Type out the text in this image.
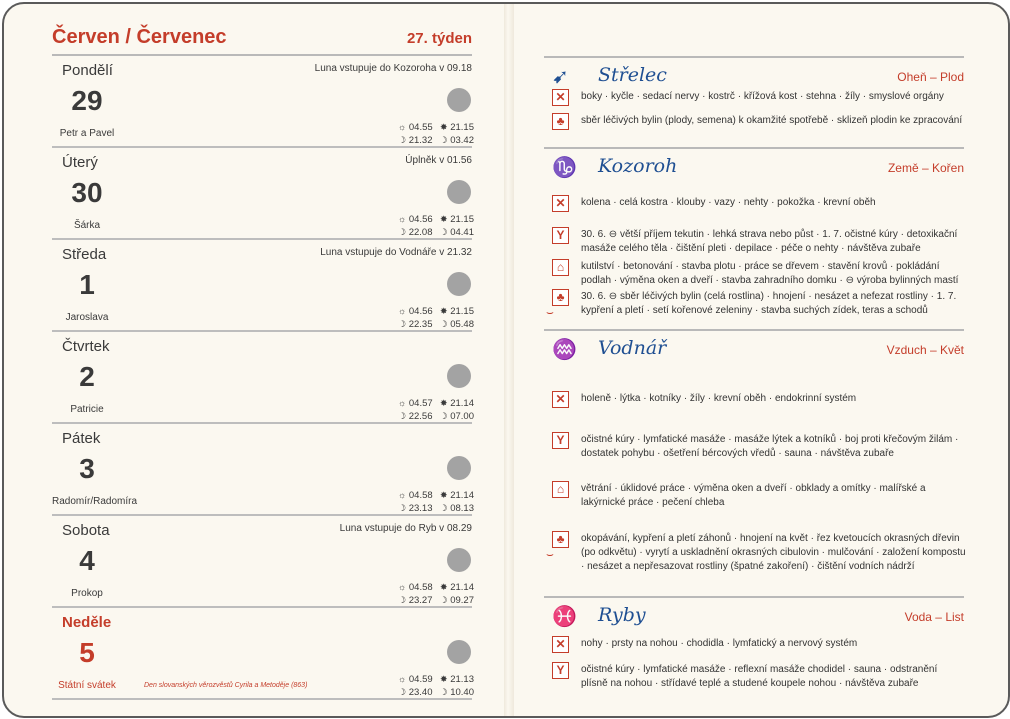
Červen / Červenec	27. týden
Pondělí	Luna vstupuje do Kozoroha v 09.18
29
Petr a Pavel
☼ 04.55 ✸ 21.15
☽ 21.32 ☽ 03.42
Úterý	Úplněk v 01.56
30
Šárka
☼ 04.56 ✸ 21.15
☽ 22.08 ☽ 04.41
Středa	Luna vstupuje do Vodnáře v 21.32
1
Jaroslava
☼ 04.56 ✸ 21.15
☽ 22.35 ☽ 05.48
Čtvrtek
2
Patricie
☼ 04.57 ✸ 21.14
☽ 22.56 ☽ 07.00
Pátek
3
Radomír/Radomíra
☼ 04.58 ✸ 21.14
☽ 23.13 ☽ 08.13
Sobota	Luna vstupuje do Ryb v 08.29
4
Prokop
☼ 04.58 ✸ 21.14
☽ 23.27 ☽ 09.27
Neděle
5
Státní svátek	Den slovanských věrozvěstů Cyrila a Metoděje (863)
☼ 04.59 ✸ 21.13
☽ 23.40 ☽ 10.40
➹	Střelec	Oheň – Plod
✕	boky · kyčle · sedací nervy · kostrč · křížová kost · stehna · žíly · smyslové orgány
♣	sběr léčivých bylin (plody, semena) k okamžité spotřebě · sklizeň plodin ke zpracování
♑	Kozoroh	Země – Kořen
✕	kolena · celá kostra · klouby · vazy · nehty · pokožka · krevní oběh
Y	30. 6. ⊖ větší příjem tekutin · lehká strava nebo půst · 1. 7. očistné kúry · detoxikační masáže celého těla · čištění pleti · depilace · péče o nehty · návštěva zubaře
⌂	kutilství · betonování · stavba plotu · práce se dřevem · stavění krovů · pokládání podlah · výměna oken a dveří · stavba zahradního domku · ⊖ výroba bylinných mastí
♣	30. 6. ⊖ sběr léčivých bylin (celá rostlina) · hnojení · nesázet a nefezat rostliny · 1. 7. kypření a pletí · setí kořenové zeleniny · stavba suchých zídek, teras a schodů
⌣
♒	Vodnář	Vzduch – Květ
✕	holeně · lýtka · kotníky · žíly · krevní oběh · endokrinní systém
Y	očistné kúry · lymfatické masáže · masáže lýtek a kotníků · boj proti křečovým žilám · dostatek pohybu · ošetření bércových vředů · sauna · návštěva zubaře
⌂	větrání · úklidové práce · výměna oken a dveří · obklady a omítky · malířské a lakýrnické práce · pečení chleba
♣	okopávání, kypření a pletí záhonů · hnojení na květ · řez kvetoucích okrasných dřevin (po odkvětu) · vyrytí a uskladnění okrasných cibulovin · mulčování · založení kompostu · nesázet a nepřesazovat rostliny (špatné zakoření) · čištění vodních nádrží
⌣
♓	Ryby	Voda – List
✕	nohy · prsty na nohou · chodidla · lymfatický a nervový systém
Y	očistné kúry · lymfatické masáže · reflexní masáže chodidel · sauna · odstranění plísně na nohou · střídavé teplé a studené koupele nohou · návštěva zubaře
